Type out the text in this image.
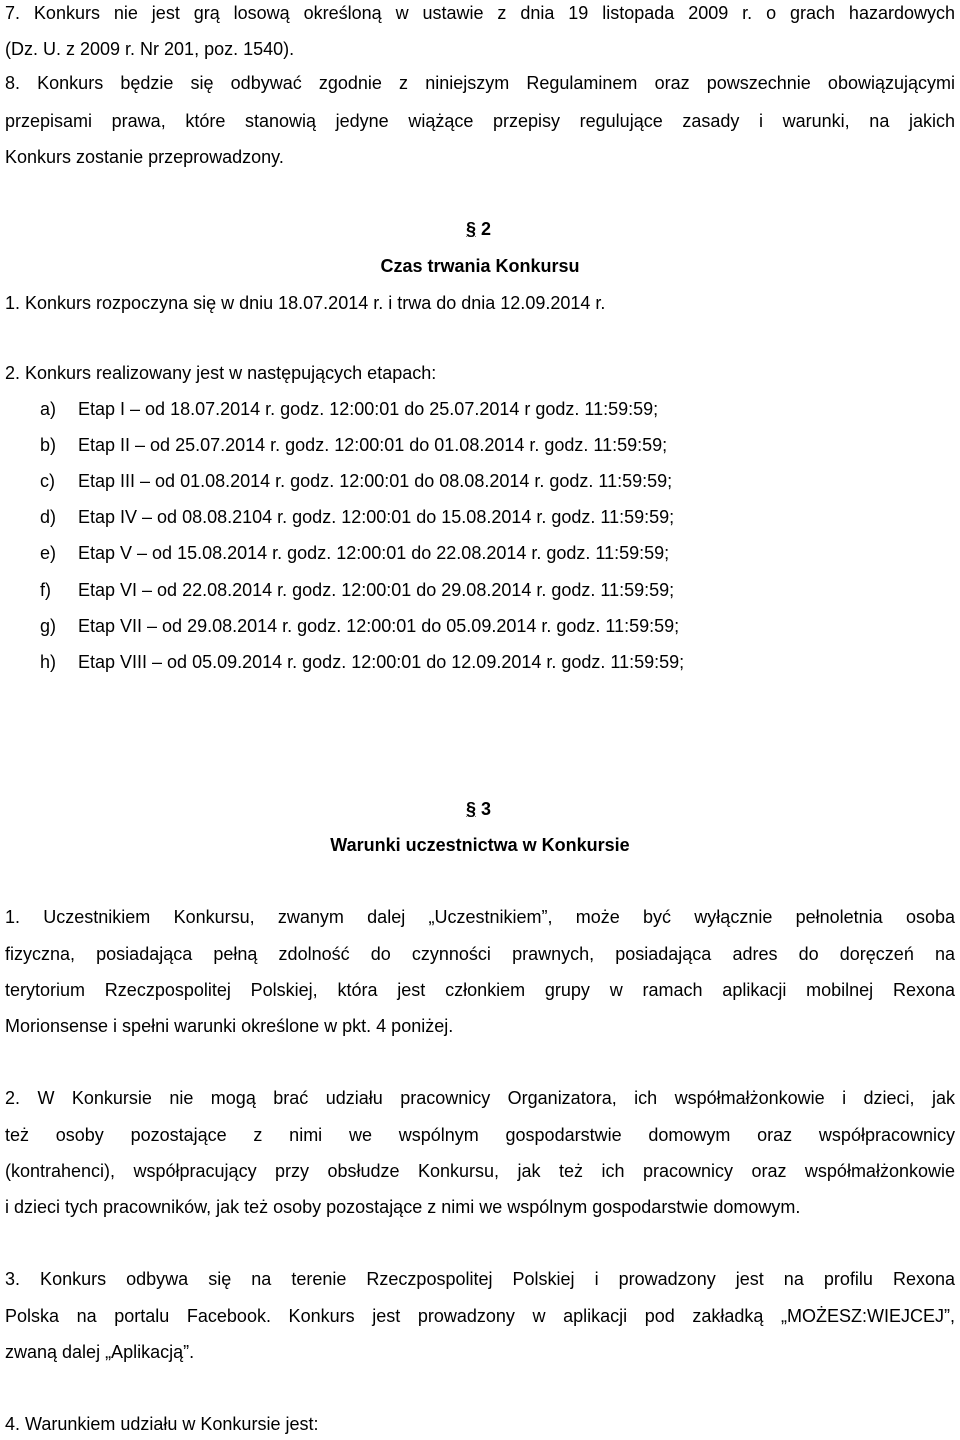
7. Konkurs nie jest grą losową określoną w ustawie z dnia 19 listopada 2009 r. o grach hazardowych
(Dz. U. z 2009 r. Nr 201, poz. 1540).
8. Konkurs będzie się odbywać zgodnie z niniejszym Regulaminem oraz powszechnie obowiązującymi
przepisami prawa, które stanowią jedyne wiążące przepisy regulujące zasady i warunki, na jakich
Konkurs zostanie przeprowadzony.
§ 2
Czas trwania Konkursu
1. Konkurs rozpoczyna się w dniu 18.07.2014 r. i trwa do dnia 12.09.2014 r.
2. Konkurs realizowany jest w następujących etapach:
a) Etap I – od 18.07.2014 r. godz. 12:00:01 do 25.07.2014 r godz. 11:59:59;
b) Etap II – od 25.07.2014 r. godz. 12:00:01 do 01.08.2014 r. godz. 11:59:59;
c) Etap III – od 01.08.2014 r. godz. 12:00:01 do 08.08.2014 r. godz. 11:59:59;
d) Etap IV – od 08.08.2104 r. godz. 12:00:01 do 15.08.2014 r. godz. 11:59:59;
e) Etap V – od 15.08.2014 r. godz. 12:00:01 do 22.08.2014 r. godz. 11:59:59;
f) Etap VI – od 22.08.2014 r. godz. 12:00:01 do 29.08.2014 r. godz. 11:59:59;
g) Etap VII – od 29.08.2014 r. godz. 12:00:01 do 05.09.2014 r. godz. 11:59:59;
h) Etap VIII – od 05.09.2014 r. godz. 12:00:01 do 12.09.2014 r. godz. 11:59:59;
§ 3
Warunki uczestnictwa w Konkursie
1. Uczestnikiem Konkursu, zwanym dalej „Uczestnikiem”, może być wyłącznie pełnoletnia osoba
fizyczna, posiadająca pełną zdolność do czynności prawnych, posiadająca adres do doręczeń na
terytorium Rzeczpospolitej Polskiej, która jest członkiem grupy w ramach aplikacji mobilnej Rexona
Morionsense i spełni warunki określone w pkt. 4 poniżej.
2. W Konkursie nie mogą brać udziału pracownicy Organizatora, ich współmałżonkowie i dzieci, jak
też osoby pozostające z nimi we wspólnym gospodarstwie domowym oraz współpracownicy
(kontrahenci), współpracujący przy obsłudze Konkursu, jak też ich pracownicy oraz współmałżonkowie
i dzieci tych pracowników, jak też osoby pozostające z nimi we wspólnym gospodarstwie domowym.
3. Konkurs odbywa się na terenie Rzeczpospolitej Polskiej i prowadzony jest na profilu Rexona
Polska na portalu Facebook. Konkurs jest prowadzony w aplikacji pod zakładką „MOŻESZ:WIEJCEJ”,
zwaną dalej „Aplikacją”.
4. Warunkiem udziału w Konkursie jest:
